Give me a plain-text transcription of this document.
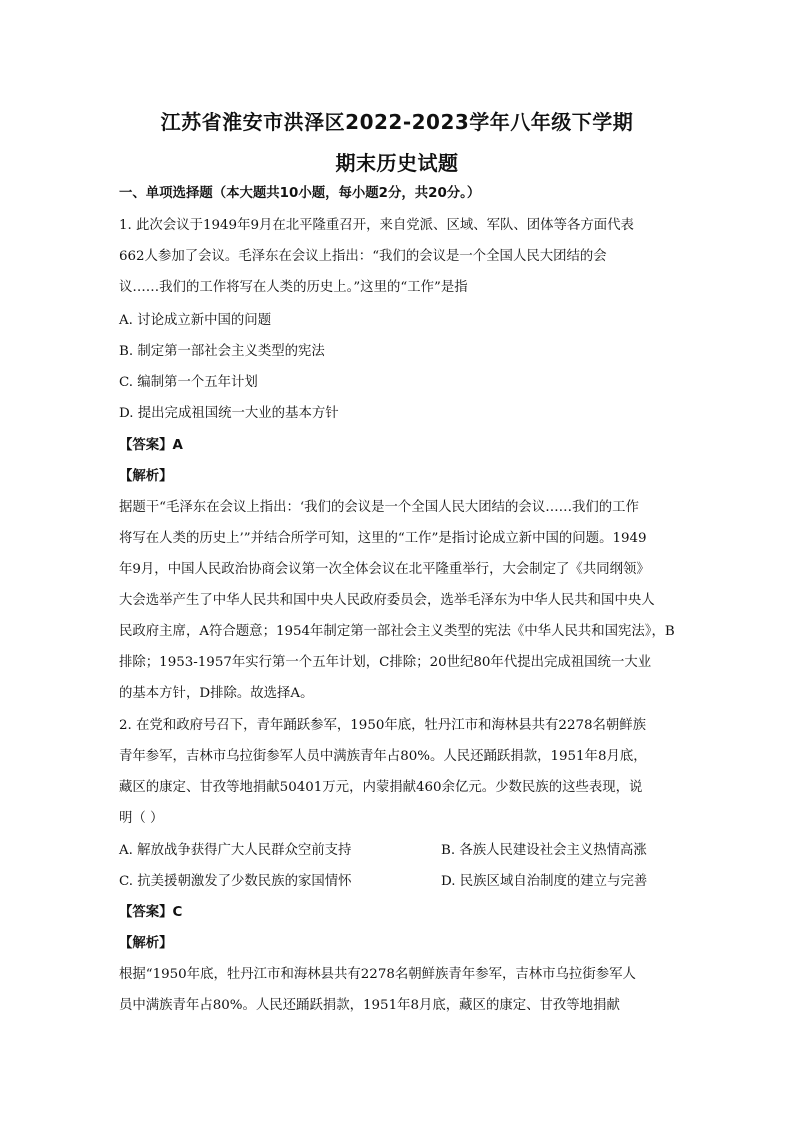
江苏省淮安市洪泽区2022-2023学年八年级下学期
期末历史试题
一、单项选择题（本大题共10小题，每小题2分，共20分。）
1. 此次会议于1949年9月在北平隆重召开，来自党派、区域、军队、团体等各方面代表
662人参加了会议。毛泽东在会议上指出：“我们的会议是一个全国人民大团结的会
议……我们的工作将写在人类的历史上。”这里的“工作”是指
A. 讨论成立新中国的问题
B. 制定第一部社会主义类型的宪法
C. 编制第一个五年计划
D. 提出完成祖国统一大业的基本方针
【答案】A
【解析】
据题干“毛泽东在会议上指出：‘我们的会议是一个全国人民大团结的会议……我们的工作
将写在人类的历史上’”并结合所学可知，这里的“工作”是指讨论成立新中国的问题。1949
年9月，中国人民政治协商会议第一次全体会议在北平隆重举行，大会制定了《共同纲领》
大会选举产生了中华人民共和国中央人民政府委员会，选举毛泽东为中华人民共和国中央人
民政府主席，A符合题意；1954年制定第一部社会主义类型的宪法《中华人民共和国宪法》，B
排除；1953-1957年实行第一个五年计划，C排除；20世纪80年代提出完成祖国统一大业
的基本方针，D排除。故选择A。
2. 在党和政府号召下，青年踊跃参军，1950年底，牡丹江市和海林县共有2278名朝鲜族
青年参军，吉林市乌拉街参军人员中满族青年占80%。人民还踊跃捐款，1951年8月底，
藏区的康定、甘孜等地捐献50401万元，内蒙捐献460余亿元。少数民族的这些表现，说
明（ ）
A. 解放战争获得广大人民群众空前支持	B. 各族人民建设社会主义热情高涨
C. 抗美援朝激发了少数民族的家国情怀	D. 民族区域自治制度的建立与完善
【答案】C
【解析】
根据“1950年底，牡丹江市和海林县共有2278名朝鲜族青年参军，吉林市乌拉街参军人
员中满族青年占80%。人民还踊跃捐款，1951年8月底，藏区的康定、甘孜等地捐献
